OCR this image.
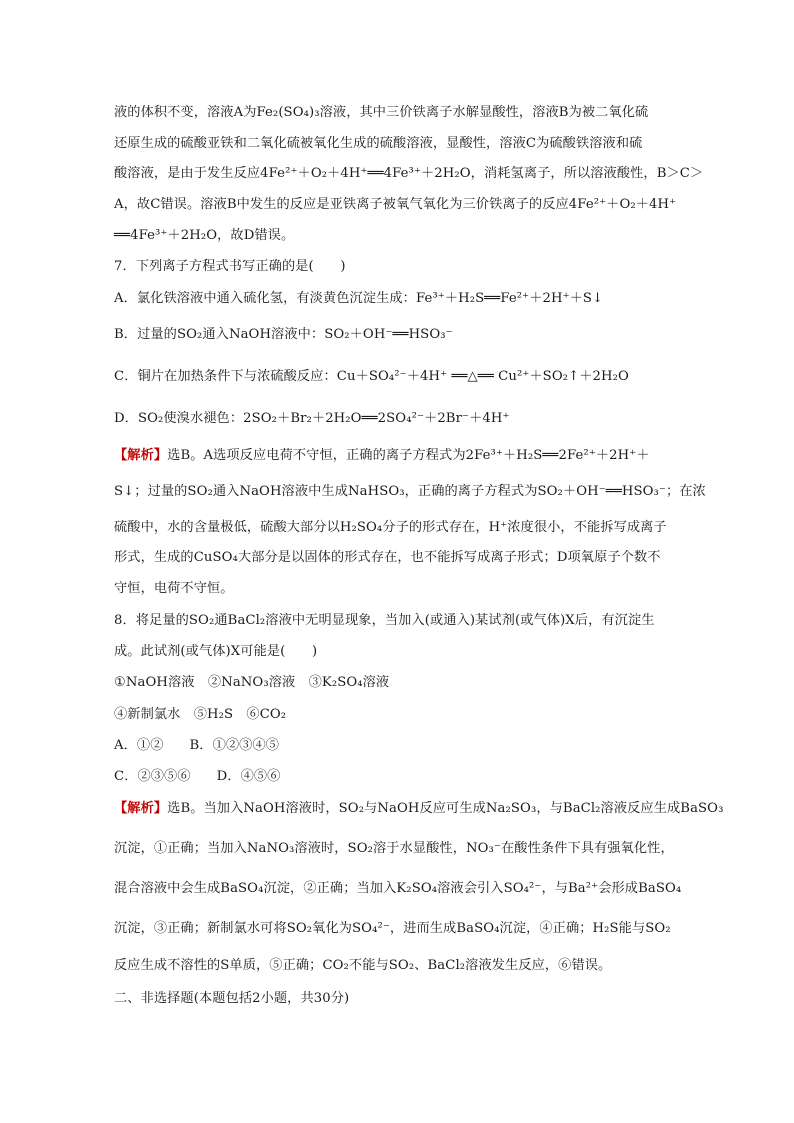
液的体积不变，溶液A为Fe₂(SO₄)₃溶液，其中三价铁离子水解显酸性，溶液B为被二氧化硫
还原生成的硫酸亚铁和二氧化硫被氧化生成的硫酸溶液，显酸性，溶液C为硫酸铁溶液和硫
酸溶液，是由于发生反应4Fe²⁺＋O₂＋4H⁺══4Fe³⁺＋2H₂O，消耗氢离子，所以溶液酸性，B＞C＞
A，故C错误。溶液B中发生的反应是亚铁离子被氧气氧化为三价铁离子的反应4Fe²⁺＋O₂＋4H⁺
══4Fe³⁺＋2H₂O，故D错误。
7．下列离子方程式书写正确的是(　　)
A．氯化铁溶液中通入硫化氢，有淡黄色沉淀生成：Fe³⁺＋H₂S══Fe²⁺＋2H⁺＋S↓
B．过量的SO₂通入NaOH溶液中：SO₂＋OH⁻══HSO₃⁻
C．铜片在加热条件下与浓硫酸反应：Cu＋SO₄²⁻＋4H⁺ ══△══ Cu²⁺＋SO₂↑＋2H₂O
D．SO₂使溴水褪色：2SO₂＋Br₂＋2H₂O══2SO₄²⁻＋2Br⁻＋4H⁺
【解析】选B。A选项反应电荷不守恒，正确的离子方程式为2Fe³⁺＋H₂S══2Fe²⁺＋2H⁺＋
S↓；过量的SO₂通入NaOH溶液中生成NaHSO₃，正确的离子方程式为SO₂＋OH⁻══HSO₃⁻；在浓
硫酸中，水的含量极低，硫酸大部分以H₂SO₄分子的形式存在，H⁺浓度很小，不能拆写成离子
形式，生成的CuSO₄大部分是以固体的形式存在，也不能拆写成离子形式；D项氧原子个数不
守恒，电荷不守恒。
8．将足量的SO₂通BaCl₂溶液中无明显现象，当加入(或通入)某试剂(或气体)X后，有沉淀生
成。此试剂(或气体)X可能是(　　)
①NaOH溶液　②NaNO₃溶液　③K₂SO₄溶液
④新制氯水　⑤H₂S　⑥CO₂
A．①② B．①②③④⑤
C．②③⑤⑥ D．④⑤⑥
【解析】选B。当加入NaOH溶液时，SO₂与NaOH反应可生成Na₂SO₃，与BaCl₂溶液反应生成BaSO₃
沉淀，①正确；当加入NaNO₃溶液时，SO₂溶于水显酸性，NO₃⁻在酸性条件下具有强氧化性，
混合溶液中会生成BaSO₄沉淀，②正确；当加入K₂SO₄溶液会引入SO₄²⁻，与Ba²⁺会形成BaSO₄
沉淀，③正确；新制氯水可将SO₂氧化为SO₄²⁻，进而生成BaSO₄沉淀，④正确；H₂S能与SO₂
反应生成不溶性的S单质，⑤正确；CO₂不能与SO₂、BaCl₂溶液发生反应，⑥错误。
二、非选择题(本题包括2小题，共30分)
